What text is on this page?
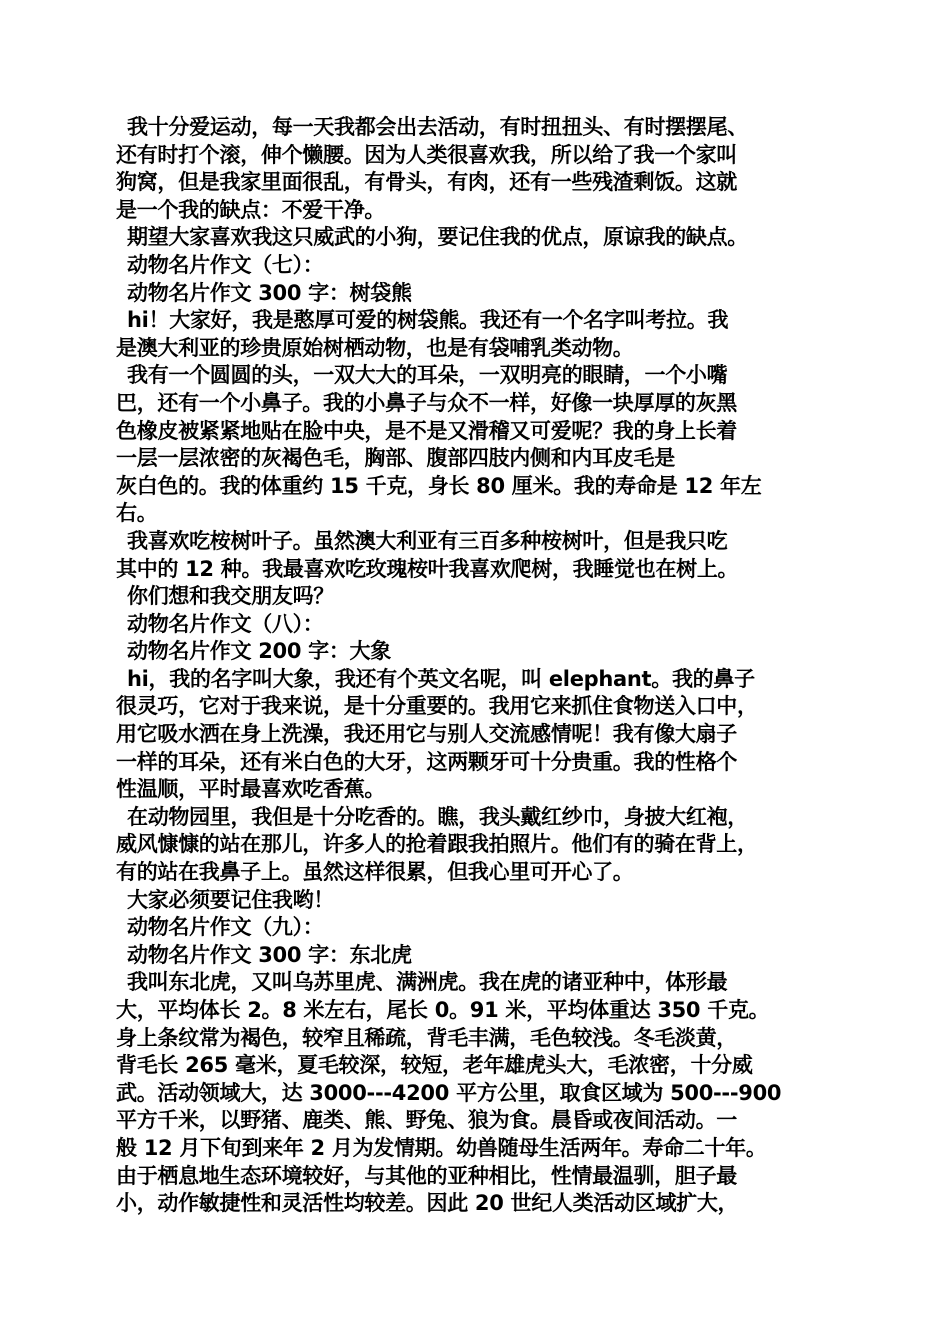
我十分爱运动，每一天我都会出去活动，有时扭扭头、有时摆摆尾、
还有时打个滚，伸个懒腰。因为人类很喜欢我，所以给了我一个家叫
狗窝，但是我家里面很乱，有骨头，有肉，还有一些残渣剩饭。这就
是一个我的缺点：不爱干净。

期望大家喜欢我这只威武的小狗，要记住我的优点，原谅我的缺点。

动物名片作文（七）：

动物名片作文 300 字：树袋熊

hi！大家好，我是憨厚可爱的树袋熊。我还有一个名字叫考拉。我
是澳大利亚的珍贵原始树栖动物，也是有袋哺乳类动物。

我有一个圆圆的头，一双大大的耳朵，一双明亮的眼睛，一个小嘴
巴，还有一个小鼻子。我的小鼻子与众不一样，好像一块厚厚的灰黑
色橡皮被紧紧地贴在脸中央，是不是又滑稽又可爱呢？我的身上长着
一层一层浓密的灰褐色毛，胸部、腹部四肢内侧和内耳皮毛是
灰白色的。我的体重约 15 千克，身长 80 厘米。我的寿命是 12 年左
右。

我喜欢吃桉树叶子。虽然澳大利亚有三百多种桉树叶，但是我只吃
其中的 12 种。我最喜欢吃玫瑰桉叶我喜欢爬树，我睡觉也在树上。

你们想和我交朋友吗？

动物名片作文（八）：

动物名片作文 200 字：大象

hi，我的名字叫大象，我还有个英文名呢，叫 elephant。我的鼻子
很灵巧，它对于我来说，是十分重要的。我用它来抓住食物送入口中，
用它吸水洒在身上洗澡，我还用它与别人交流感情呢！我有像大扇子
一样的耳朵，还有米白色的大牙，这两颗牙可十分贵重。我的性格个
性温顺，平时最喜欢吃香蕉。

在动物园里，我但是十分吃香的。瞧，我头戴红纱巾，身披大红袍，
威风慷慷的站在那儿，许多人的抢着跟我拍照片。他们有的骑在背上，
有的站在我鼻子上。虽然这样很累，但我心里可开心了。

大家必须要记住我哟！

动物名片作文（九）：

动物名片作文 300 字：东北虎

我叫东北虎，又叫乌苏里虎、满洲虎。我在虎的诸亚种中，体形最
大，平均体长 2。8 米左右，尾长 0。91 米，平均体重达 350 千克。
身上条纹常为褐色，较窄且稀疏，背毛丰满，毛色较浅。冬毛淡黄，
背毛长 265 毫米，夏毛较深，较短，老年雄虎头大，毛浓密，十分威
武。活动领域大，达 3000---4200 平方公里，取食区域为 500---900
平方千米，以野猪、鹿类、熊、野兔、狼为食。晨昏或夜间活动。一
般 12 月下旬到来年 2 月为发情期。幼兽随母生活两年。寿命二十年。
由于栖息地生态环境较好，与其他的亚种相比，性情最温驯，胆子最
小，动作敏捷性和灵活性均较差。因此 20 世纪人类活动区域扩大，
